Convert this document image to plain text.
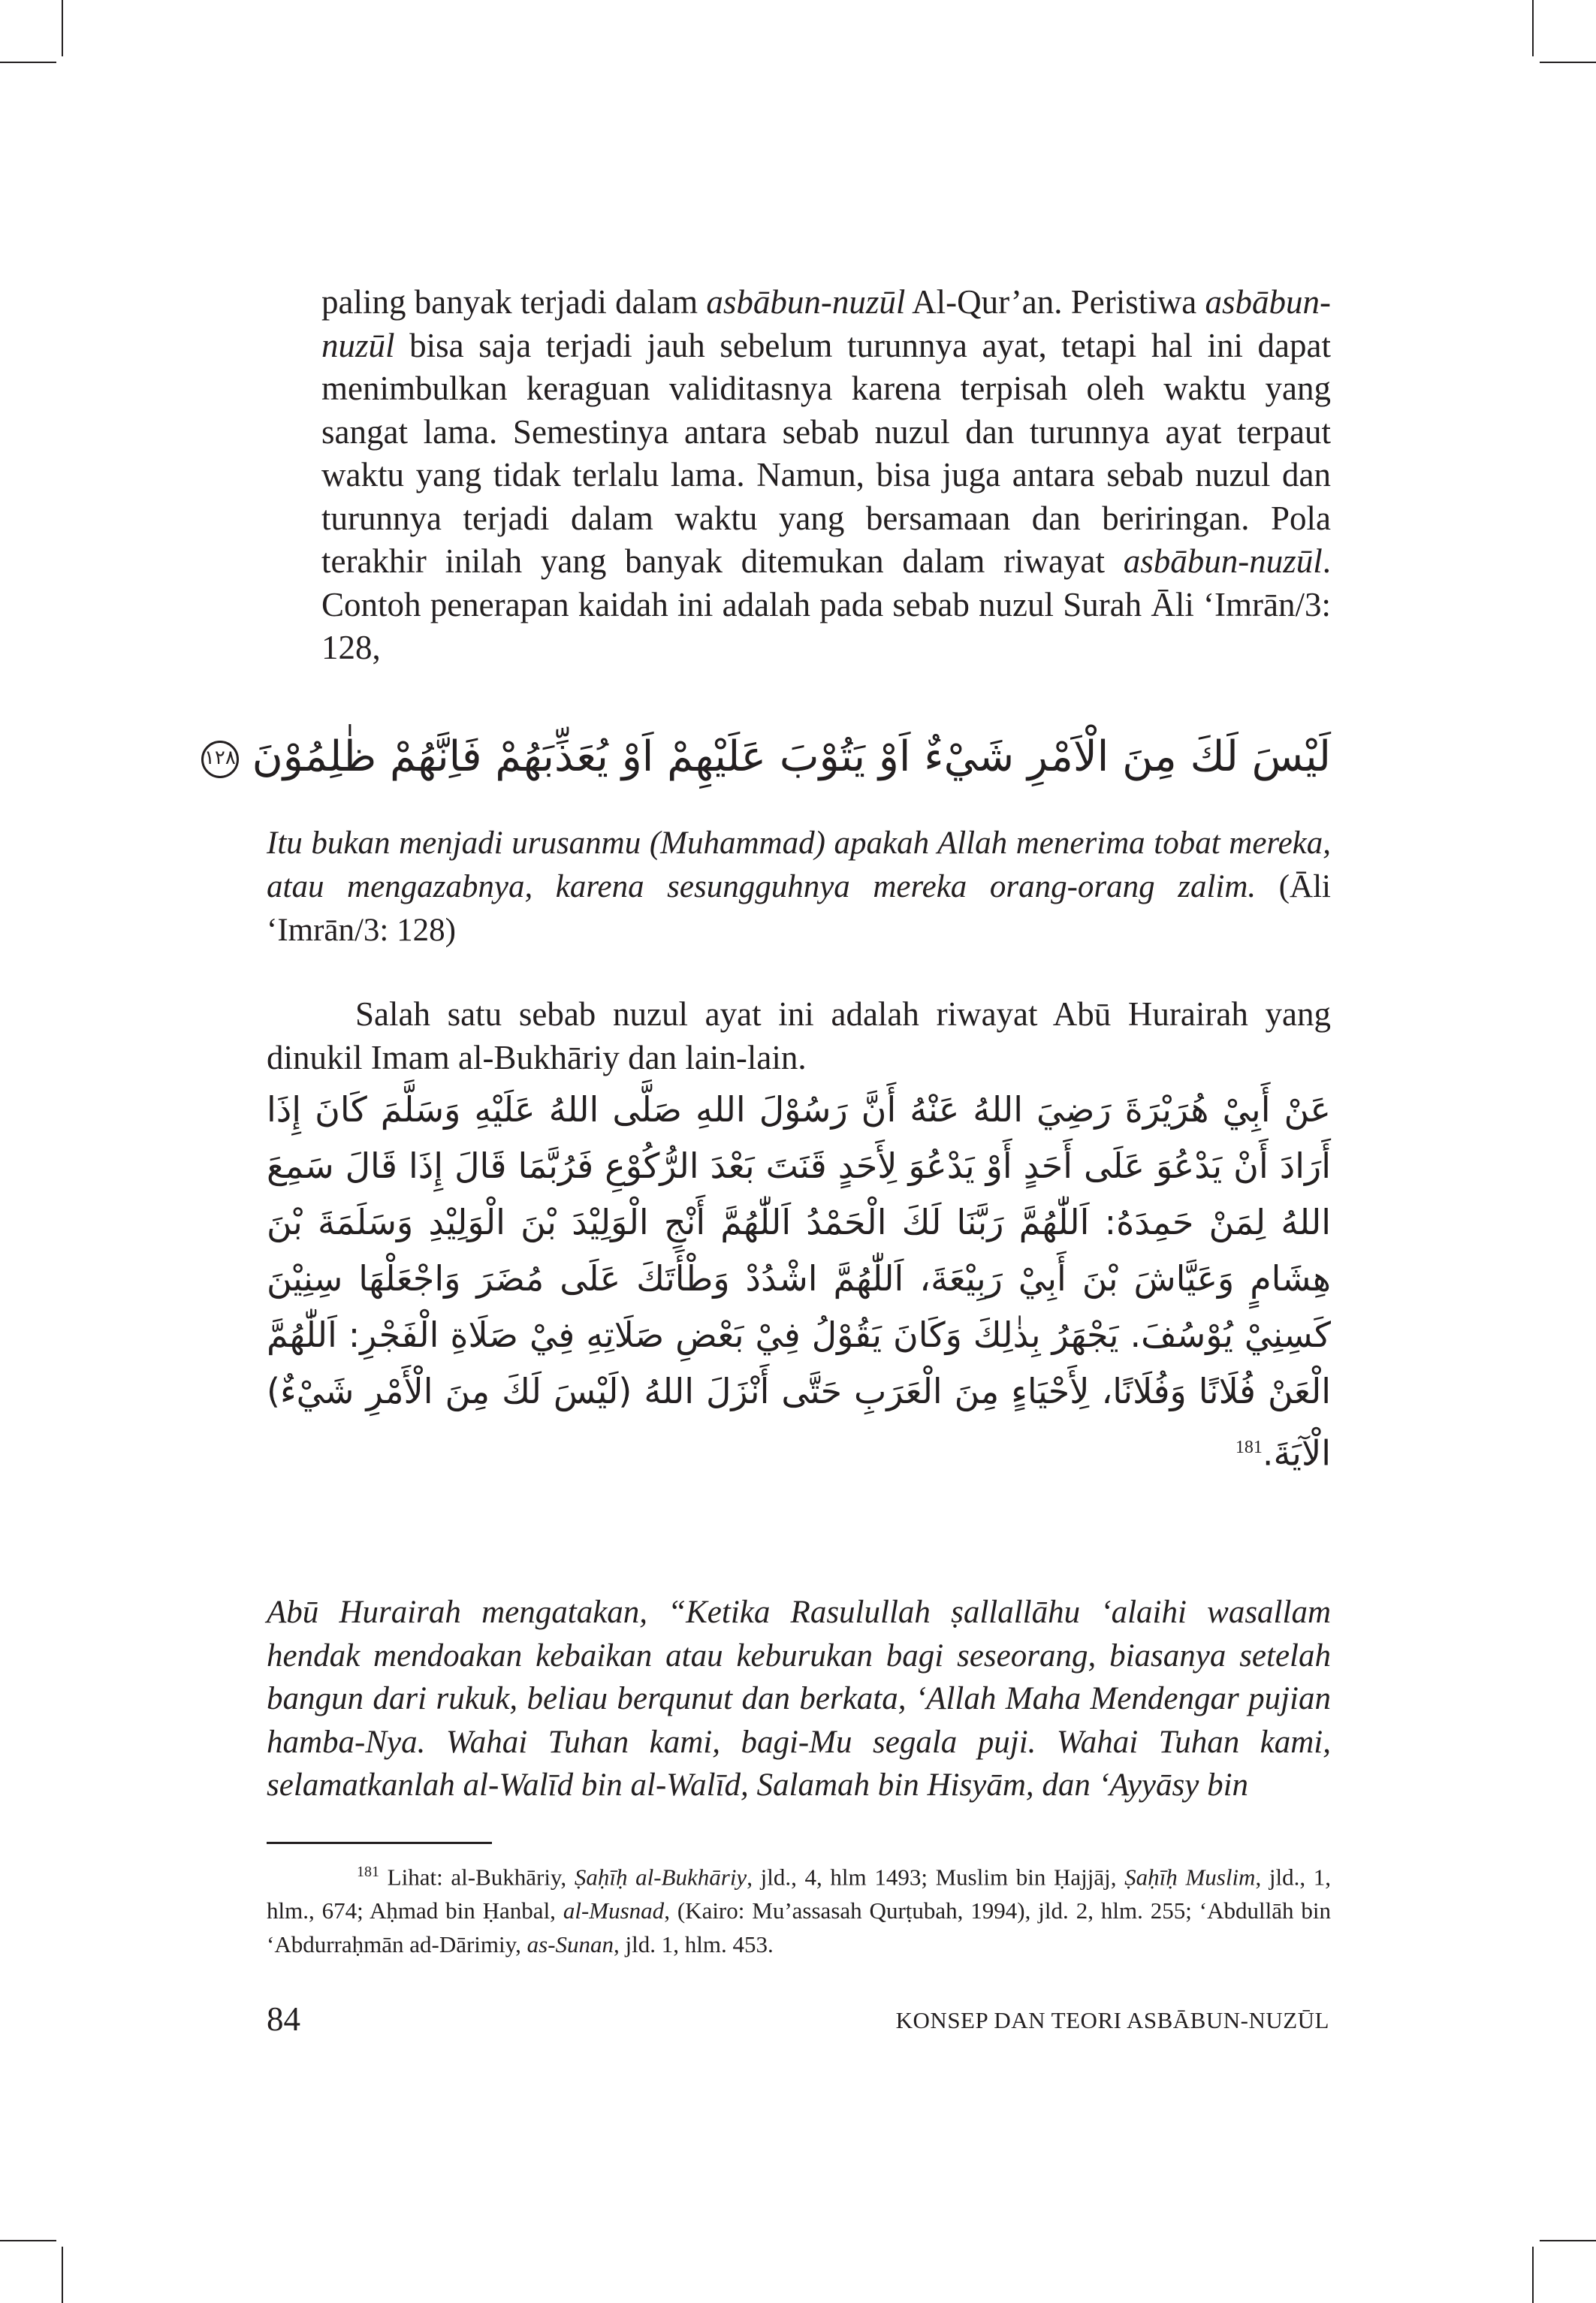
paling banyak terjadi dalam asbābun-nuzūl Al-Qur’an. Peristiwa asbābun-nuzūl bisa saja terjadi jauh sebelum turunnya ayat, tetapi hal ini dapat menimbulkan keraguan validitasnya karena terpisah oleh waktu yang sangat lama. Semestinya antara sebab nuzul dan turunnya ayat terpaut waktu yang tidak terlalu lama. Namun, bisa juga antara sebab nuzul dan turunnya terjadi dalam waktu yang bersamaan dan beriringan. Pola terakhir inilah yang banyak ditemukan dalam riwayat asbābun-nuzūl. Contoh penerapan kaidah ini adalah pada sebab nuzul Surah Āli ‘Imrān/3: 128,

لَيْسَ لَكَ مِنَ الْاَمْرِ شَيْءٌ اَوْ يَتُوْبَ عَلَيْهِمْ اَوْ يُعَذِّبَهُمْ فَاِنَّهُمْ ظٰلِمُوْنَ ١٢٨

Itu bukan menjadi urusanmu (Muhammad) apakah Allah menerima tobat mereka, atau mengazabnya, karena sesungguhnya mereka orang-orang zalim. (Āli ‘Imrān/3: 128)

Salah satu sebab nuzul ayat ini adalah riwayat Abū Hurairah yang dinukil Imam al-Bukhāriy dan lain-lain.

عَنْ أَبِيْ هُرَيْرَةَ رَضِيَ اللهُ عَنْهُ أَنَّ رَسُوْلَ اللهِ صَلَّى اللهُ عَلَيْهِ وَسَلَّمَ كَانَ إِذَا أَرَادَ أَنْ يَدْعُوَ عَلَى أَحَدٍ أَوْ يَدْعُوَ لِأَحَدٍ قَنَتَ بَعْدَ الرُّكُوْعِ فَرُبَّمَا قَالَ إِذَا قَالَ سَمِعَ اللهُ لِمَنْ حَمِدَهُ: اَللّٰهُمَّ رَبَّنَا لَكَ الْحَمْدُ اَللّٰهُمَّ أَنْجِ الْوَلِيْدَ بْنَ الْوَلِيْدِ وَسَلَمَةَ بْنَ هِشَامٍ وَعَيَّاشَ بْنَ أَبِيْ رَبِيْعَةَ، اَللّٰهُمَّ اشْدُدْ وَطْأَتَكَ عَلَى مُضَرَ وَاجْعَلْهَا سِنِيْنَ كَسِنِيْ يُوْسُفَ. يَجْهَرُ بِذٰلِكَ وَكَانَ يَقُوْلُ فِيْ بَعْضِ صَلَاتِهِ فِيْ صَلَاةِ الْفَجْرِ: اَللّٰهُمَّ الْعَنْ فُلَانًا وَفُلَانًا، لِأَحْيَاءٍ مِنَ الْعَرَبِ حَتَّى أَنْزَلَ اللهُ (لَيْسَ لَكَ مِنَ الْأَمْرِ شَيْءٌ) الْآيَةَ.$^{181}$

Abū Hurairah mengatakan, “Ketika Rasulullah ṣallallāhu ‘alaihi wasallam hendak mendoakan kebaikan atau keburukan bagi seseorang, biasanya setelah bangun dari rukuk, beliau berqunut dan berkata, ‘Allah Maha Mendengar pujian hamba-Nya. Wahai Tuhan kami, bagi-Mu segala puji. Wahai Tuhan kami, selamatkanlah al-Walīd bin al-Walīd, Salamah bin Hisyām, dan ‘Ayyāsy bin

$^{181}$ Lihat: al-Bukhāriy, Ṣaḥīḥ al-Bukhāriy, jld., 4, hlm 1493; Muslim bin Ḥajjāj, Ṣaḥīḥ Muslim, jld., 1, hlm., 674; Aḥmad bin Ḥanbal, al-Musnad, (Kairo: Mu’assasah Qurṭubah, 1994), jld. 2, hlm. 255; ‘Abdullāh bin ‘Abdurraḥmān ad-Dārimiy, as-Sunan, jld. 1, hlm. 453.

84	KONSEP DAN TEORI ASBĀBUN-NUZŪL
